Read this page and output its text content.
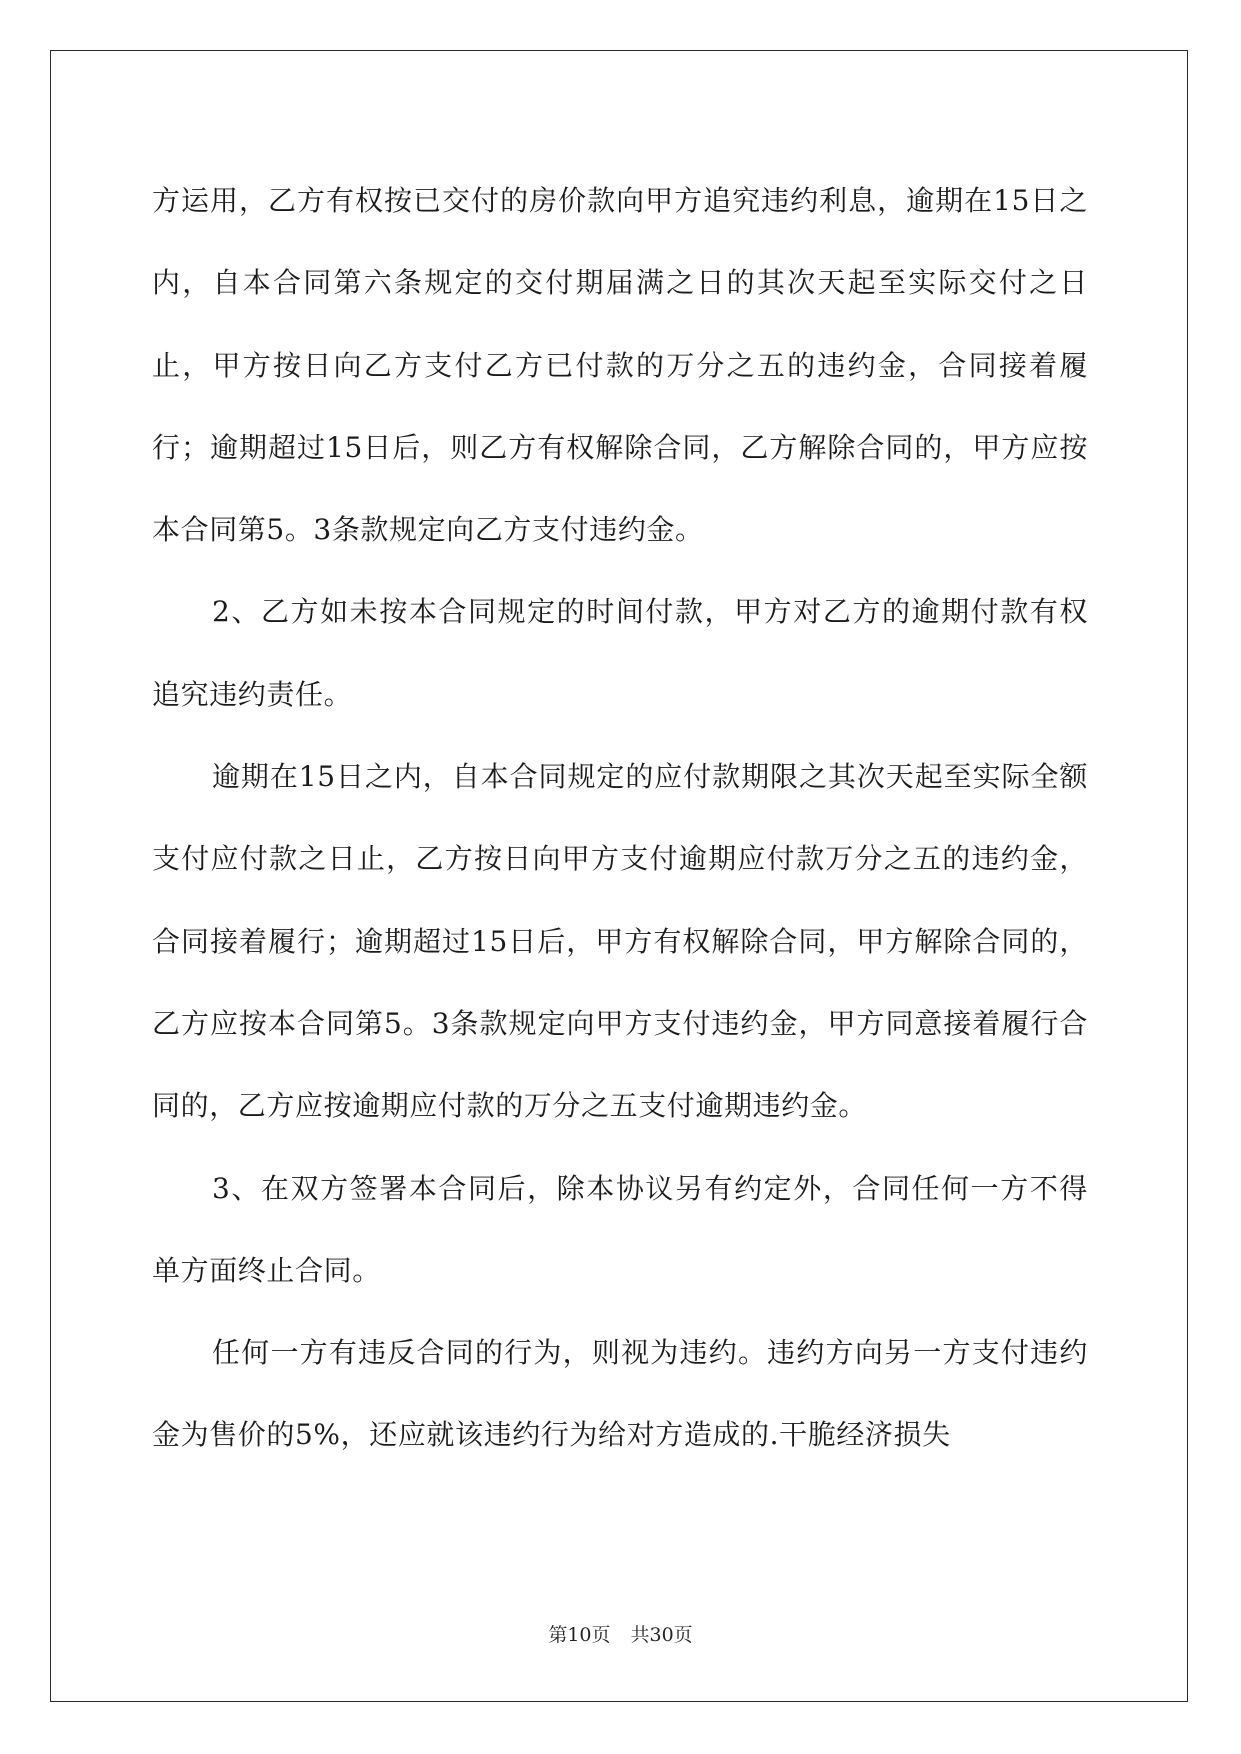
方运用，乙方有权按已交付的房价款向甲方追究违约利息，逾期在15日之内，自本合同第六条规定的交付期届满之日的其次天起至实际交付之日止，甲方按日向乙方支付乙方已付款的万分之五的违约金，合同接着履行；逾期超过15日后，则乙方有权解除合同，乙方解除合同的，甲方应按本合同第5。3条款规定向乙方支付违约金。

2、乙方如未按本合同规定的时间付款，甲方对乙方的逾期付款有权追究违约责任。

逾期在15日之内，自本合同规定的应付款期限之其次天起至实际全额支付应付款之日止，乙方按日向甲方支付逾期应付款万分之五的违约金，合同接着履行；逾期超过15日后，甲方有权解除合同，甲方解除合同的，乙方应按本合同第5。3条款规定向甲方支付违约金，甲方同意接着履行合同的，乙方应按逾期应付款的万分之五支付逾期违约金。

3、在双方签署本合同后，除本协议另有约定外，合同任何一方不得单方面终止合同。

任何一方有违反合同的行为，则视为违约。违约方向另一方支付违约金为售价的5%，还应就该违约行为给对方造成的.干脆经济损失

第10页 共30页
